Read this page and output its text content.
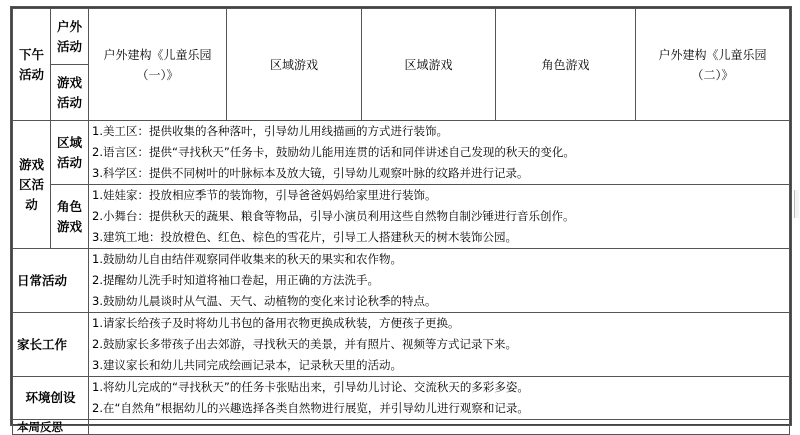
下午活动	户外活动	户外建构《儿童乐园（一）》	区域游戏	区域游戏	角色游戏	户外建构《儿童乐园（二）》
	游戏活动					
游戏区活动	区域活动	1.美工区：提供收集的各种落叶，引导幼儿用线描画的方式进行装饰。
2.语言区：提供“寻找秋天”任务卡，鼓励幼儿能用连贯的话和同伴讲述自己发现的秋天的变化。
3.科学区：提供不同树叶的叶脉标本及放大镜，引导幼儿观察叶脉的纹路并进行记录。				

	角色游戏	1.娃娃家：投放相应季节的装饰物，引导爸爸妈妈给家里进行装饰。
2.小舞台：提供秋天的蔬果、粮食等物品，引导小演员利用这些自然物自制沙锤进行音乐创作。
3.建筑工地：投放橙色、红色、棕色的雪花片，引导工人搭建秋天的树木装饰公园。				

日常活动		1.鼓励幼儿自由结伴观察同伴收集来的秋天的果实和农作物。
2.提醒幼儿洗手时知道将袖口卷起，用正确的方法洗手。
3.鼓励幼儿晨谈时从气温、天气、动植物的变化来讨论秋季的特点。				

家长工作		1.请家长给孩子及时将幼儿书包的备用衣物更换成秋装，方便孩子更换。
2.鼓励家长多带孩子出去郊游，寻找秋天的美景，并有照片、视频等方式记录下来。
3.建议家长和幼儿共同完成绘画记录本，记录秋天里的活动。				

环境创设		1.将幼儿完成的“寻找秋天”的任务卡张贴出来，引导幼儿讨论、交流秋天的多彩多姿。
2.在“自然角”根据幼儿的兴趣选择各类自然物进行展览，并引导幼儿进行观察和记录。				

本周反思						
